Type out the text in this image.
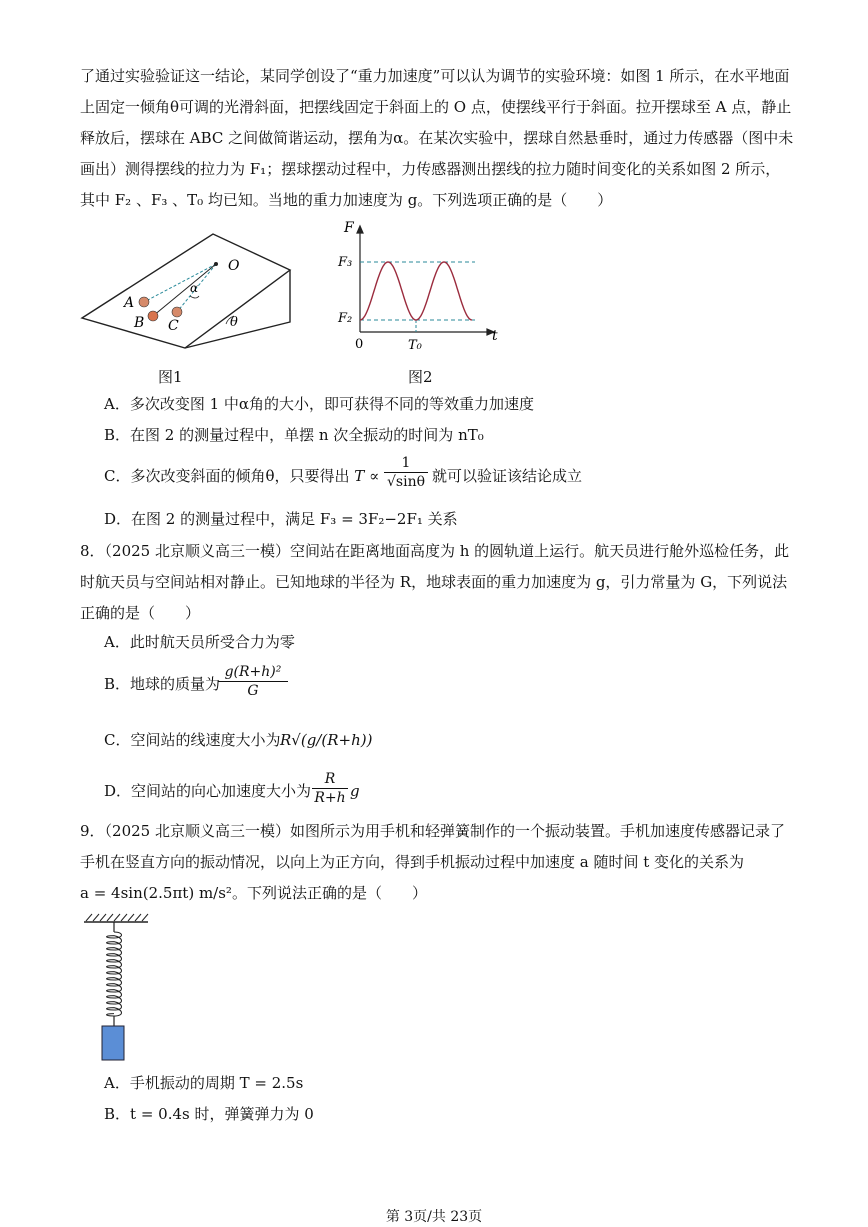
了通过实验验证这一结论，某同学创设了“重力加速度”可以认为调节的实验环境：如图 1 所示，在水平地面
上固定一倾角θ可调的光滑斜面，把摆线固定于斜面上的 O 点，使摆线平行于斜面。拉开摆球至 A 点，静止
释放后，摆球在 ABC 之间做简谐运动，摆角为α。在某次实验中，摆球自然悬垂时，通过力传感器（图中未
画出）测得摆线的拉力为 F₁；摆球摆动过程中，力传感器测出摆线的拉力随时间变化的关系如图 2 所示，
其中 F₂ 、F₃ 、T₀ 均已知。当地的重力加速度为 g。下列选项正确的是（　　）
O
A
B C
α
θ
图1
F
t
0
F₃
F₂
T₀
图2
A．多次改变图 1 中α角的大小，即可获得不同的等效重力加速度
B．在图 2 的测量过程中，单摆 n 次全振动的时间为 nT₀
C．多次改变斜面的倾角θ，只要得出 $T \propto \frac{1}{√\sin\theta}$ 就可以验证该结论成立
D．在图 2 的测量过程中，满足 F₃ = 3F₂−2F₁ 关系
8．（2025 北京顺义高三一模）空间站在距离地面高度为 h 的圆轨道上运行。航天员进行舱外巡检任务，此
时航天员与空间站相对静止。已知地球的半径为 R，地球表面的重力加速度为 g，引力常量为 G，下列说法
正确的是（　　）
A．此时航天员所受合力为零
B．地球的质量为
$\frac{\text{g(R+h)²}}{G}$
C．空间站的线速度大小为 R√(g/(R+h))
D．空间站的向心加速度大小为 $\frac{R}{R+h}$ g
9．（2025 北京顺义高三一模）如图所示为用手机和轻弹簧制作的一个振动装置。手机加速度传感器记录了
手机在竖直方向的振动情况，以向上为正方向，得到手机振动过程中加速度 a 随时间 t 变化的关系为
a = 4sin(2.5πt) m/s²。下列说法正确的是（　　）
A．手机振动的周期 T = 2.5s
B．t = 0.4s 时，弹簧弹力为 0
第 3页/共 23页
